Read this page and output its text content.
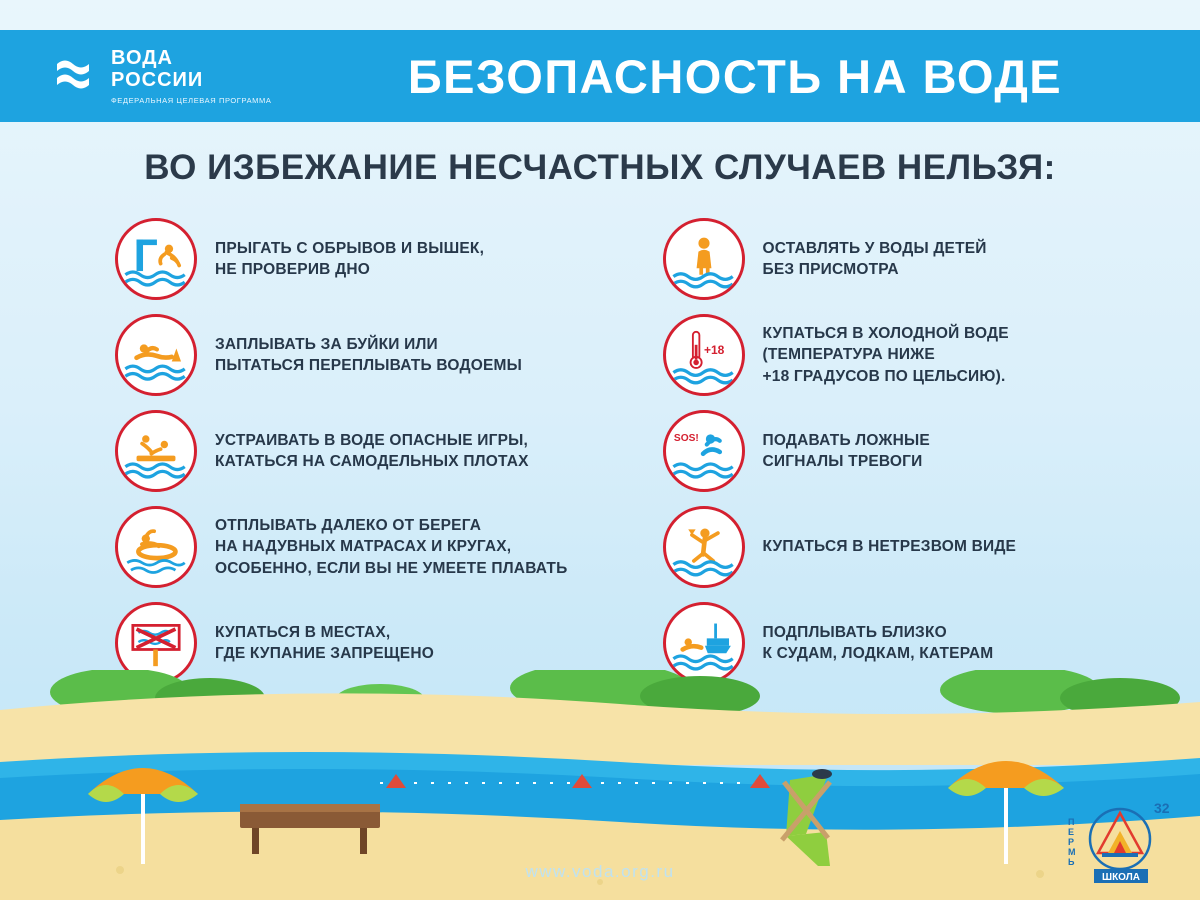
ВОДА
РОССИИ
ФЕДЕРАЛЬНАЯ ЦЕЛЕВАЯ ПРОГРАММА	БЕЗОПАСНОСТЬ НА ВОДЕ
ВО ИЗБЕЖАНИЕ НЕСЧАСТНЫХ СЛУЧАЕВ НЕЛЬЗЯ:
ПРЫГАТЬ С ОБРЫВОВ И ВЫШЕК,
НЕ ПРОВЕРИВ ДНО
ЗАПЛЫВАТЬ ЗА БУЙКИ ИЛИ
ПЫТАТЬСЯ ПЕРЕПЛЫВАТЬ ВОДОЕМЫ
УСТРАИВАТЬ В ВОДЕ ОПАСНЫЕ ИГРЫ,
КАТАТЬСЯ НА САМОДЕЛЬНЫХ ПЛОТАХ
ОТПЛЫВАТЬ ДАЛЕКО ОТ БЕРЕГА
НА НАДУВНЫХ МАТРАСАХ И КРУГАХ,
ОСОБЕННО, ЕСЛИ ВЫ НЕ УМЕЕТЕ ПЛАВАТЬ
КУПАТЬСЯ В МЕСТАХ,
ГДЕ КУПАНИЕ ЗАПРЕЩЕНО
ОСТАВЛЯТЬ У ВОДЫ ДЕТЕЙ
БЕЗ ПРИСМОТРА
+18
КУПАТЬСЯ В ХОЛОДНОЙ ВОДЕ
(ТЕМПЕРАТУРА НИЖЕ
+18 ГРАДУСОВ ПО ЦЕЛЬСИЮ).
SOS!	ПОДАВАТЬ ЛОЖНЫЕ
СИГНАЛЫ ТРЕВОГИ
КУПАТЬСЯ В НЕТРЕЗВОМ ВИДЕ
ПОДПЛЫВАТЬ БЛИЗКО
К СУДАМ, ЛОДКАМ, КАТЕРАМ
www.voda.org.ru
П
Е
Р
М
Ь
32
ШКОЛА
